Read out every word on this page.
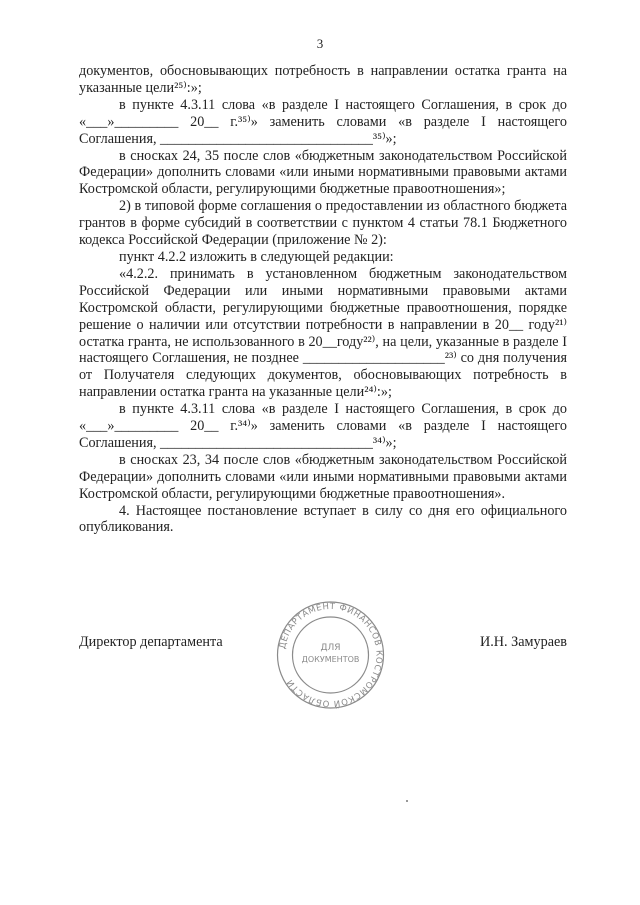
3

документов, обосновывающих потребность в направлении остатка гранта на указанные цели²⁵⁾:»;

в пункте 4.3.11 слова «в разделе I настоящего Соглашения, в срок до «___»_________ 20__ г.³⁵⁾» заменить словами «в разделе I настоящего Соглашения, ______________________________³⁵⁾»;

в сносках 24, 35 после слов «бюджетным законодательством Российской Федерации» дополнить словами «или иными нормативными правовыми актами Костромской области, регулирующими бюджетные правоотношения»;

2) в типовой форме соглашения о предоставлении из областного бюджета грантов в форме субсидий в соответствии с пунктом 4 статьи 78.1 Бюджетного кодекса Российской Федерации (приложение № 2):

пункт 4.2.2 изложить в следующей редакции:

«4.2.2. принимать в установленном бюджетным законодательством Российской Федерации или иными нормативными правовыми актами Костромской области, регулирующими бюджетные правоотношения, порядке решение о наличии или отсутствии потребности в направлении в 20__ году²¹⁾ остатка гранта, не использованного в 20__году²²⁾, на цели, указанные в разделе I настоящего Соглашения, не позднее ____________________²³⁾ со дня получения от Получателя следующих документов, обосновывающих потребность в направлении остатка гранта на указанные цели²⁴⁾:»;

в пункте 4.3.11 слова «в разделе I настоящего Соглашения, в срок до «___»_________ 20__ г.³⁴⁾» заменить словами «в разделе I настоящего Соглашения, ______________________________³⁴⁾»;

в сносках 23, 34 после слов «бюджетным законодательством Российской Федерации» дополнить словами «или иными нормативными правовыми актами Костромской области, регулирующими бюджетные правоотношения».

4. Настоящее постановление вступает в силу со дня его официального опубликования.

Директор департамента	И.Н. Замураев
ДЕПАРТАМЕНТ ФИНАНСОВ КОСТРОМСКОЙ ОБЛАСТИ
ДЛЯ
ДОКУМЕНТОВ
